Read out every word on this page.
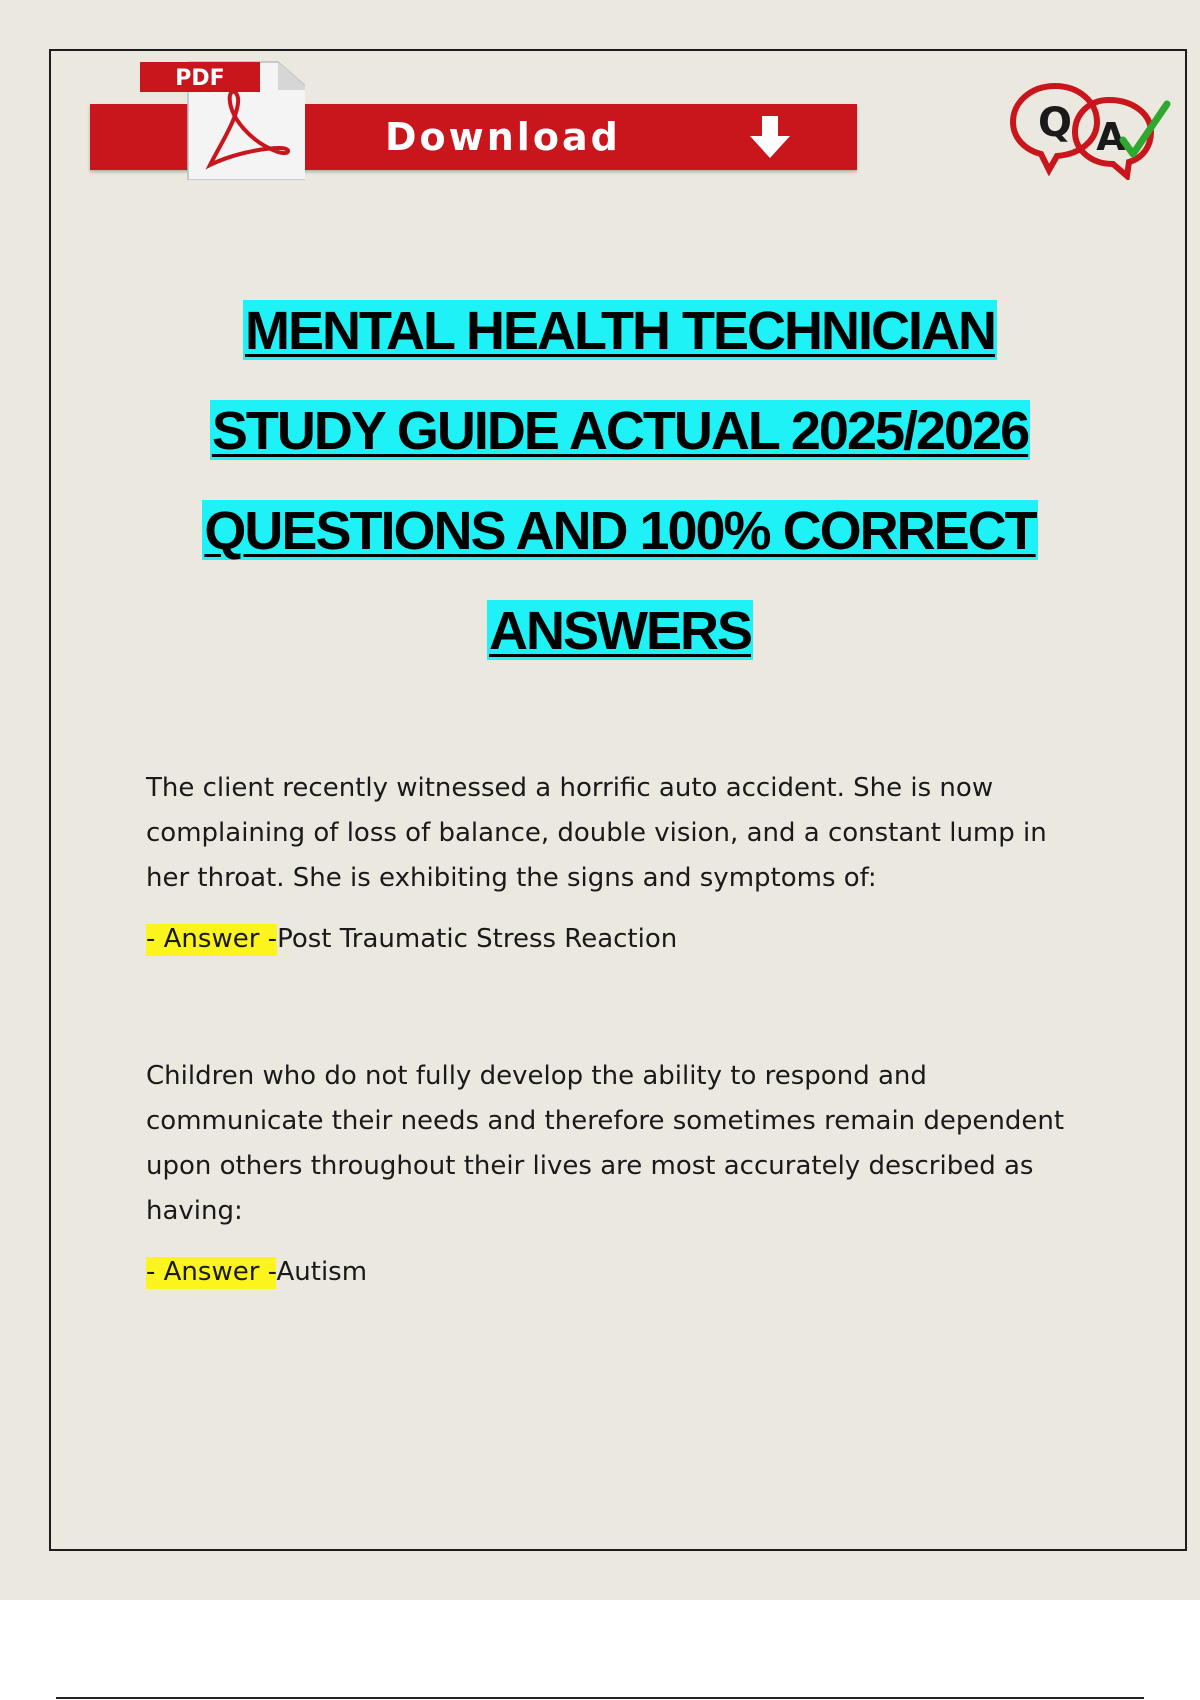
Download
PDF
Q A
MENTAL HEALTH TECHNICIAN
STUDY GUIDE ACTUAL 2025/2026
QUESTIONS AND 100% CORRECT
ANSWERS

The client recently witnessed a horrific auto accident. She is now complaining of loss of balance, double vision, and a constant lump in her throat. She is exhibiting the signs and symptoms of:

- Answer -Post Traumatic Stress Reaction

Children who do not fully develop the ability to respond and communicate their needs and therefore sometimes remain dependent upon others throughout their lives are most accurately described as having:

- Answer -Autism
